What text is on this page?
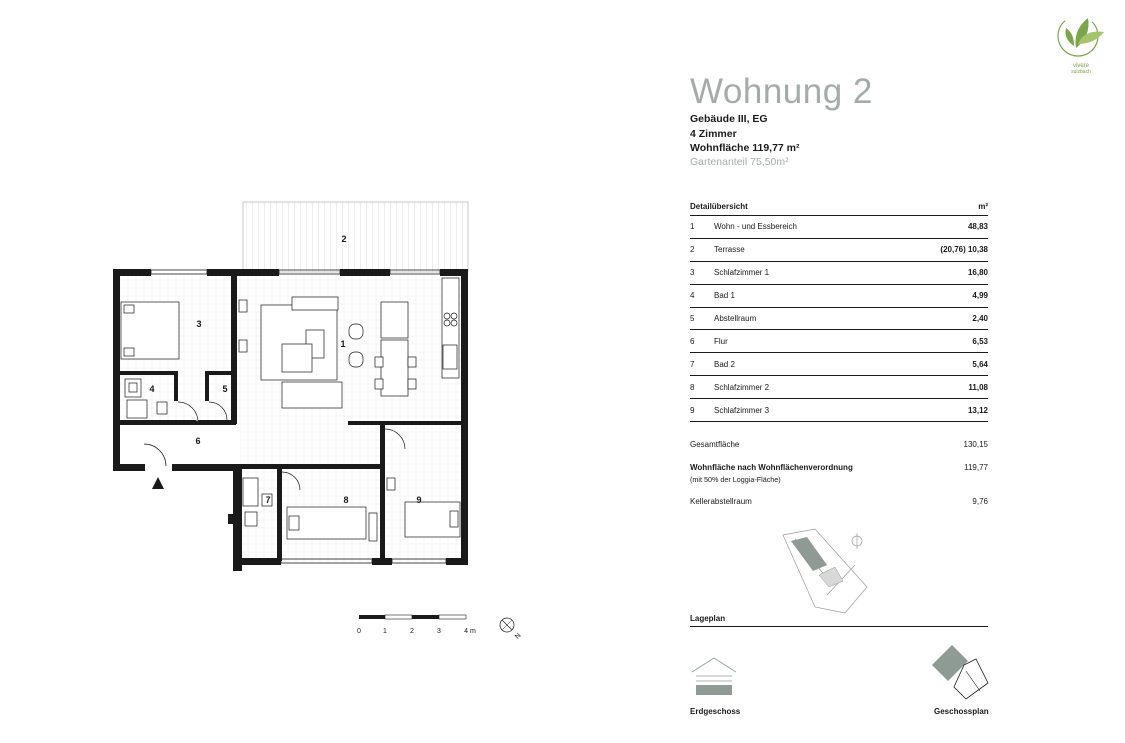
2
3
1
4	5
6
7	8	9
0	1	2	3	4 m
N
vivere
sulzbach
Wohnung 2
Gebäude III, EG
4 Zimmer
Wohnfläche 119,77 m²
Gartenanteil 75,50m²
Detailübersicht	m²
1	Wohn - und Essbereich	48,83
2	Terrasse	(20,76) 10,38
3	Schlafzimmer 1	16,80
4	Bad 1	4,99
5	Abstellraum	2,40
6	Flur	6,53
7	Bad 2	5,64
8	Schlafzimmer 2	11,08
9	Schlafzimmer 3	13,12
Gesamtfläche	130,15
Wohnfläche nach Wohnflächenverordnung	119,77
(mit 50% der Loggia-Fläche)
Kellerabstellraum	9,76
Lageplan
Erdgeschoss	Geschossplan
